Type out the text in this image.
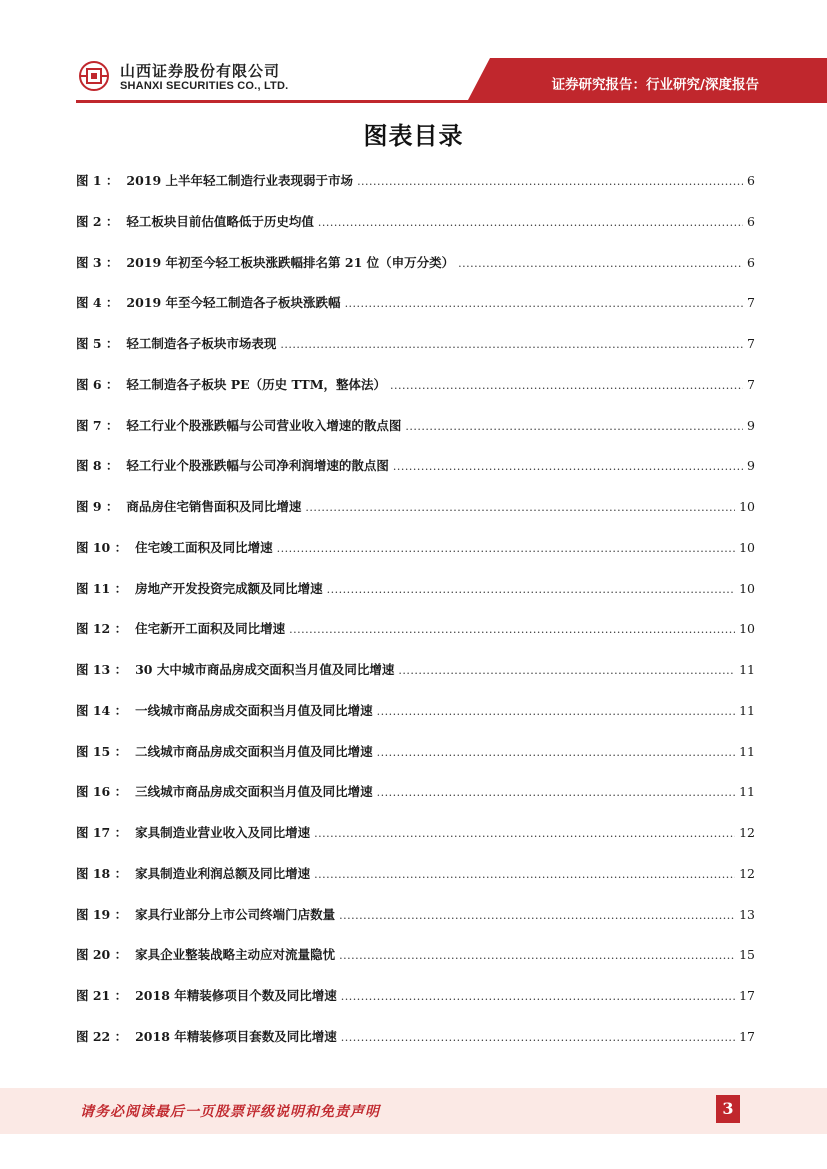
山西证券股份有限公司
SHANXI SECURITIES CO., LTD.	证券研究报告：行业研究/深度报告
图表目录
图 1 ： 2019 上半年轻工制造行业表现弱于市场 .....	6
图 2 ： 轻工板块目前估值略低于历史均值 .....	6
图 3 ： 2019 年初至今轻工板块涨跌幅排名第 21 位（申万分类） .....	6
图 4 ： 2019 年至今轻工制造各子板块涨跌幅 .....	7
图 5 ： 轻工制造各子板块市场表现 .....	7
图 6 ： 轻工制造各子板块 PE（历史 TTM，整体法） .....	7
图 7 ： 轻工行业个股涨跌幅与公司营业收入增速的散点图 .....	9
图 8 ： 轻工行业个股涨跌幅与公司净利润增速的散点图 .....	9
图 9 ： 商品房住宅销售面积及同比增速 .....	10
图 10 ： 住宅竣工面积及同比增速 .....	10
图 11 ： 房地产开发投资完成额及同比增速 .....	10
图 12 ： 住宅新开工面积及同比增速 .....	10
图 13 ： 30 大中城市商品房成交面积当月值及同比增速 .....	11
图 14 ： 一线城市商品房成交面积当月值及同比增速 .....	11
图 15 ： 二线城市商品房成交面积当月值及同比增速 .....	11
图 16 ： 三线城市商品房成交面积当月值及同比增速 .....	11
图 17 ： 家具制造业营业收入及同比增速 .....	12
图 18 ： 家具制造业利润总额及同比增速 .....	12
图 19 ： 家具行业部分上市公司终端门店数量 .....	13
图 20 ： 家具企业整装战略主动应对流量隐忧 .....	15
图 21 ： 2018 年精装修项目个数及同比增速 .....	17
图 22 ： 2018 年精装修项目套数及同比增速 .....	17
请务必阅读最后一页股票评级说明和免责声明	3
